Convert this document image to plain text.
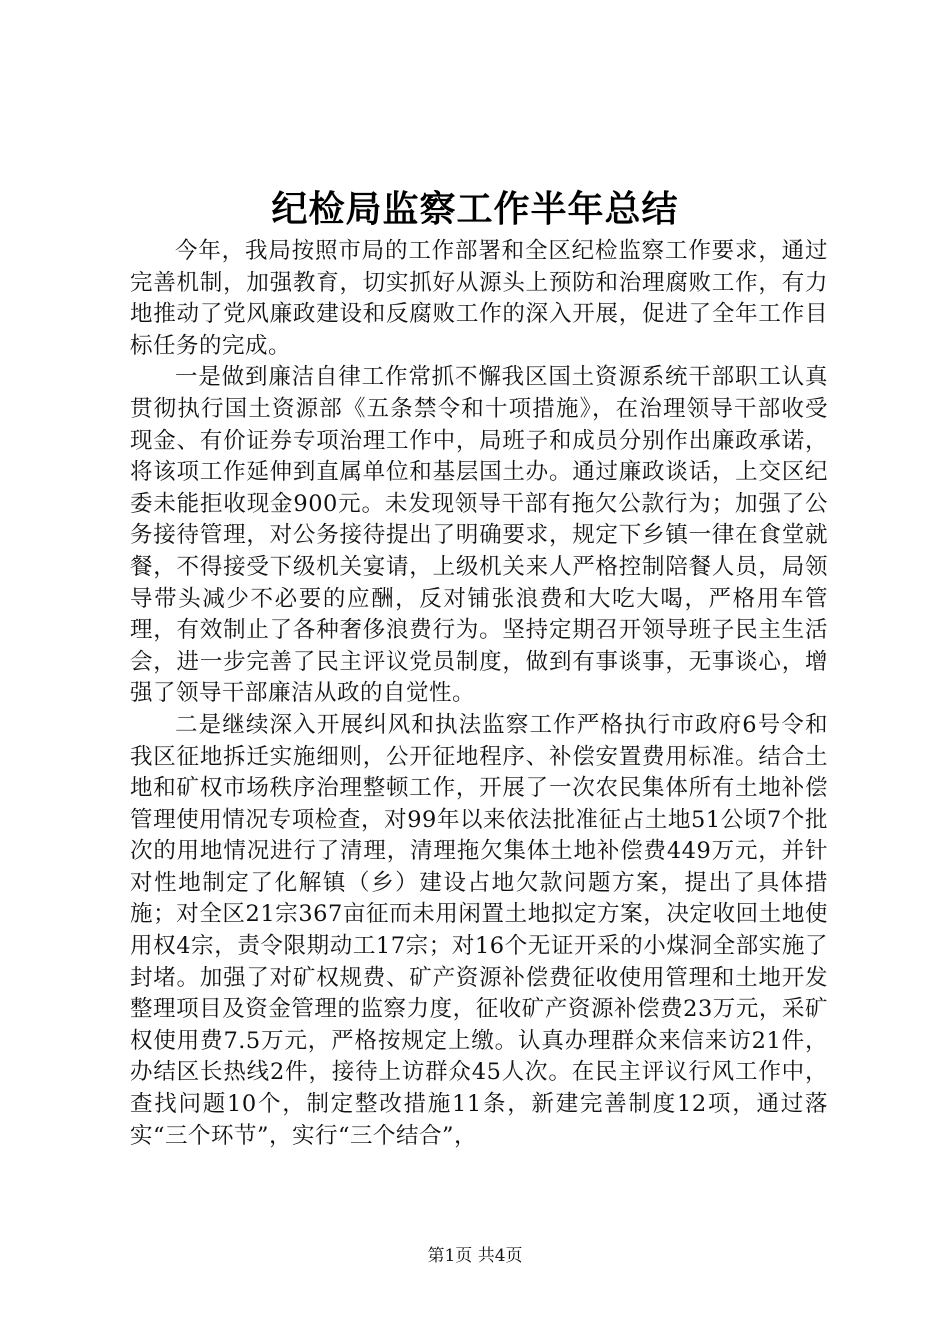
纪检局监察工作半年总结

今年，我局按照市局的工作部署和全区纪检监察工作要求，通过完善机制，加强教育，切实抓好从源头上预防和治理腐败工作，有力地推动了党风廉政建设和反腐败工作的深入开展，促进了全年工作目标任务的完成。

一是做到廉洁自律工作常抓不懈我区国土资源系统干部职工认真贯彻执行国土资源部《五条禁令和十项措施》，在治理领导干部收受现金、有价证券专项治理工作中，局班子和成员分别作出廉政承诺，将该项工作延伸到直属单位和基层国土办。通过廉政谈话，上交区纪委未能拒收现金900元。未发现领导干部有拖欠公款行为；加强了公务接待管理，对公务接待提出了明确要求，规定下乡镇一律在食堂就餐，不得接受下级机关宴请，上级机关来人严格控制陪餐人员，局领导带头减少不必要的应酬，反对铺张浪费和大吃大喝，严格用车管理，有效制止了各种奢侈浪费行为。坚持定期召开领导班子民主生活会，进一步完善了民主评议党员制度，做到有事谈事，无事谈心，增强了领导干部廉洁从政的自觉性。

二是继续深入开展纠风和执法监察工作严格执行市政府6号令和我区征地拆迁实施细则，公开征地程序、补偿安置费用标准。结合土地和矿权市场秩序治理整顿工作，开展了一次农民集体所有土地补偿管理使用情况专项检查，对99年以来依法批准征占土地51公顷7个批次的用地情况进行了清理，清理拖欠集体土地补偿费449万元，并针对性地制定了化解镇（乡）建设占地欠款问题方案，提出了具体措施；对全区21宗367亩征而未用闲置土地拟定方案，决定收回土地使用权4宗，责令限期动工17宗；对16个无证开采的小煤洞全部实施了封堵。加强了对矿权规费、矿产资源补偿费征收使用管理和土地开发整理项目及资金管理的监察力度，征收矿产资源补偿费23万元，采矿权使用费7.5万元，严格按规定上缴。认真办理群众来信来访21件，办结区长热线2件，接待上访群众45人次。在民主评议行风工作中，查找问题10个，制定整改措施11条，新建完善制度12项，通过落实“三个环节”，实行“三个结合”，

第1页 共4页
